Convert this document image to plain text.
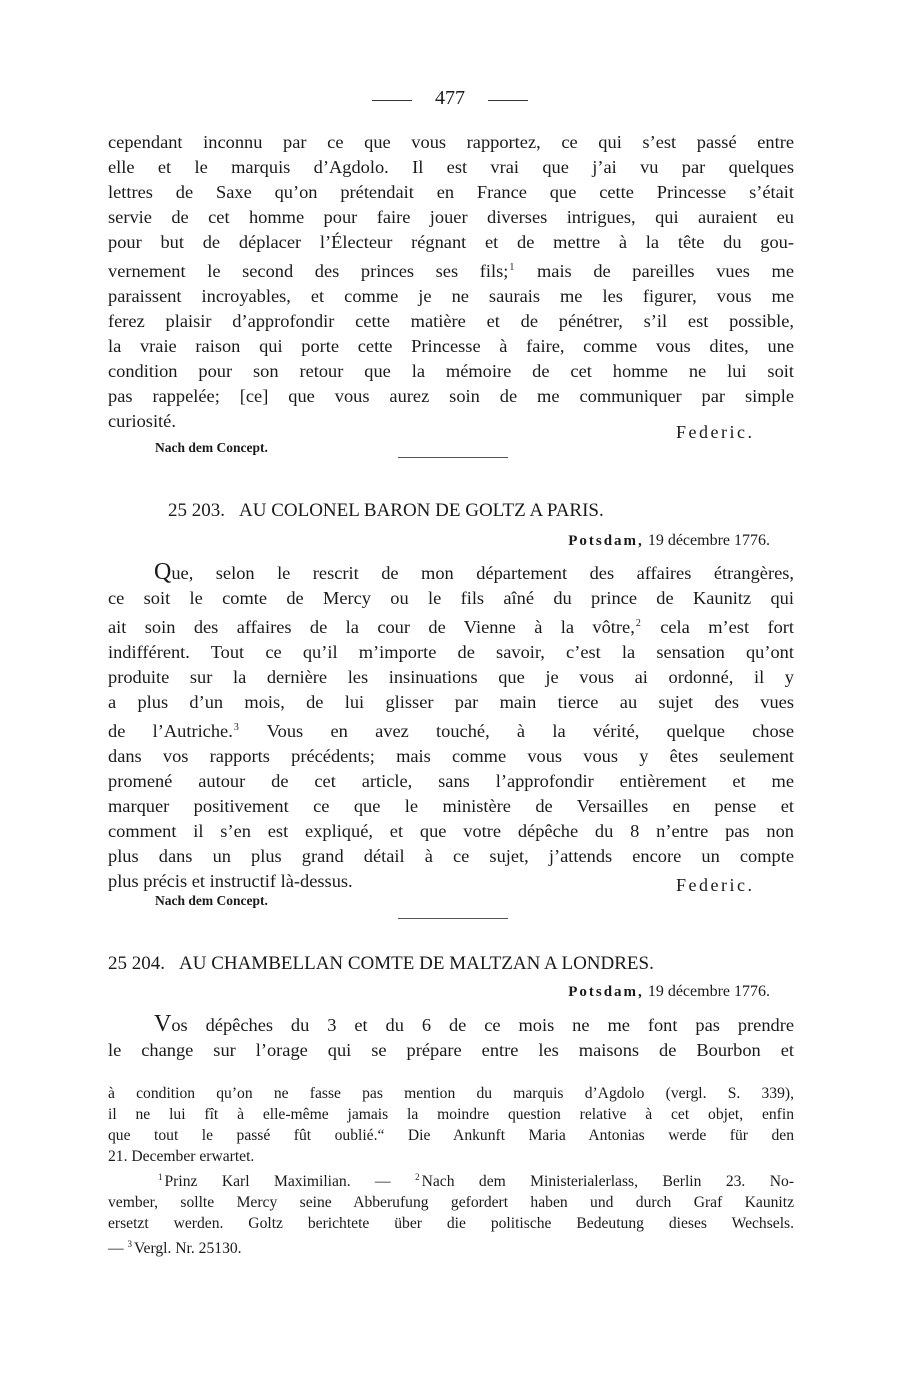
477

cependant inconnu par ce que vous rapportez, ce qui s’est passé entre

elle et le marquis d’Agdolo. Il est vrai que j’ai vu par quelques

lettres de Saxe qu’on prétendait en France que cette Princesse s’était

servie de cet homme pour faire jouer diverses intrigues, qui auraient eu

pour but de déplacer l’Électeur régnant et de mettre à la tête du gou-

vernement le second des princes ses fils;$^1$ mais de pareilles vues me

paraissent incroyables, et comme je ne saurais me les figurer, vous me

ferez plaisir d’approfondir cette matière et de pénétrer, s’il est possible,

la vraie raison qui porte cette Princesse à faire, comme vous dites, une

condition pour son retour que la mémoire de cet homme ne lui soit

pas rappelée; [ce] que vous aurez soin de me communiquer par simple

curiosité.

Federic.
Nach dem Concept.
25 203. AU COLONEL BARON DE GOLTZ A PARIS.
Potsdam, 19 décembre 1776.

Que, selon le rescrit de mon département des affaires étrangères,

ce soit le comte de Mercy ou le fils aîné du prince de Kaunitz qui

ait soin des affaires de la cour de Vienne à la vôtre,$^2$ cela m’est fort

indifférent. Tout ce qu’il m’importe de savoir, c’est la sensation qu’ont

produite sur la dernière les insinuations que je vous ai ordonné, il y

a plus d’un mois, de lui glisser par main tierce au sujet des vues

de l’Autriche.$^3$ Vous en avez touché, à la vérité, quelque chose

dans vos rapports précédents; mais comme vous vous y êtes seulement

promené autour de cet article, sans l’approfondir entièrement et me

marquer positivement ce que le ministère de Versailles en pense et

comment il s’en est expliqué, et que votre dépêche du 8 n’entre pas non

plus dans un plus grand détail à ce sujet, j’attends encore un compte

plus précis et instructif là-dessus.	Federic.
Nach dem Concept.
25 204. AU CHAMBELLAN COMTE DE MALTZAN A LONDRES.
Potsdam, 19 décembre 1776.

Vos dépêches du 3 et du 6 de ce mois ne me font pas prendre

le change sur l’orage qui se prépare entre les maisons de Bourbon et

à condition qu’on ne fasse pas mention du marquis d’Agdolo (vergl. S. 339),

il ne lui fît à elle-même jamais la moindre question relative à cet objet, enfin

que tout le passé fût oublié.“ Die Ankunft Maria Antonias werde für den

21. December erwartet.

$^1$ Prinz Karl Maximilian. —	$^2$ Nach dem Ministerialerlass, Berlin 23. No-

vember, sollte Mercy seine Abberufung gefordert haben und durch Graf Kaunitz

ersetzt werden. Goltz berichtete über die politische Bedeutung dieses Wechsels.

— $^3$ Vergl. Nr. 25130.
